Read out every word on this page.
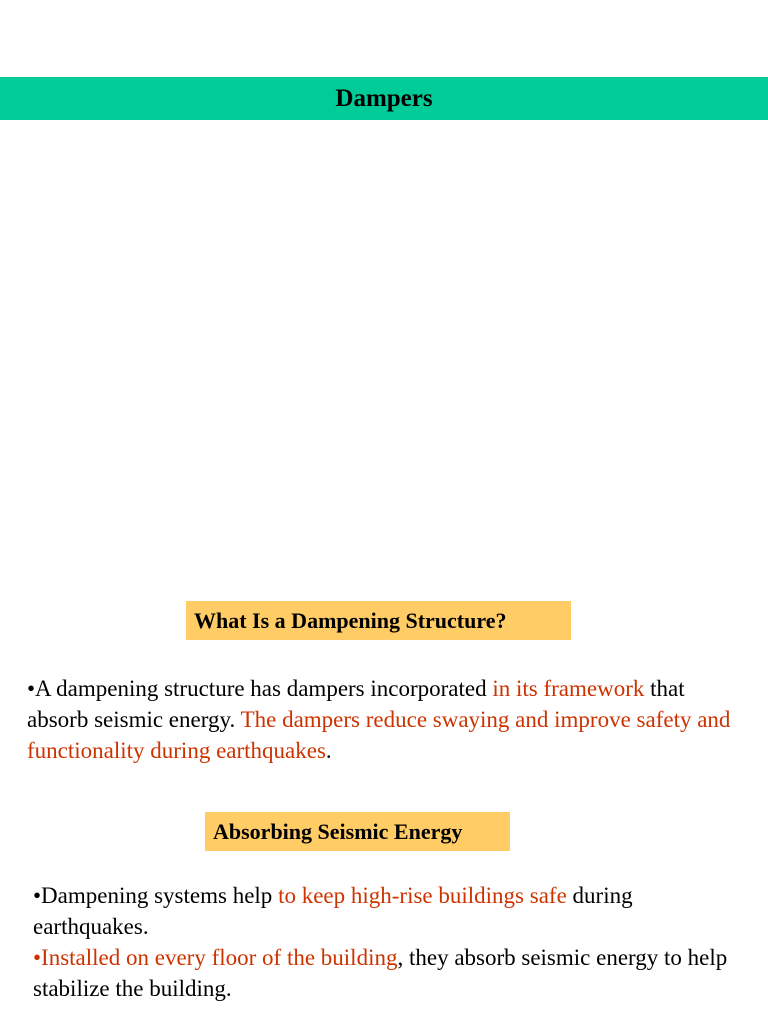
Dampers
What Is a Dampening Structure?
•A dampening structure has dampers incorporated in its framework that absorb seismic energy. The dampers reduce swaying and improve safety and functionality during earthquakes.
Absorbing Seismic Energy
•Dampening systems help to keep high-rise buildings safe during earthquakes.
•Installed on every floor of the building, they absorb seismic energy to help stabilize the building.
